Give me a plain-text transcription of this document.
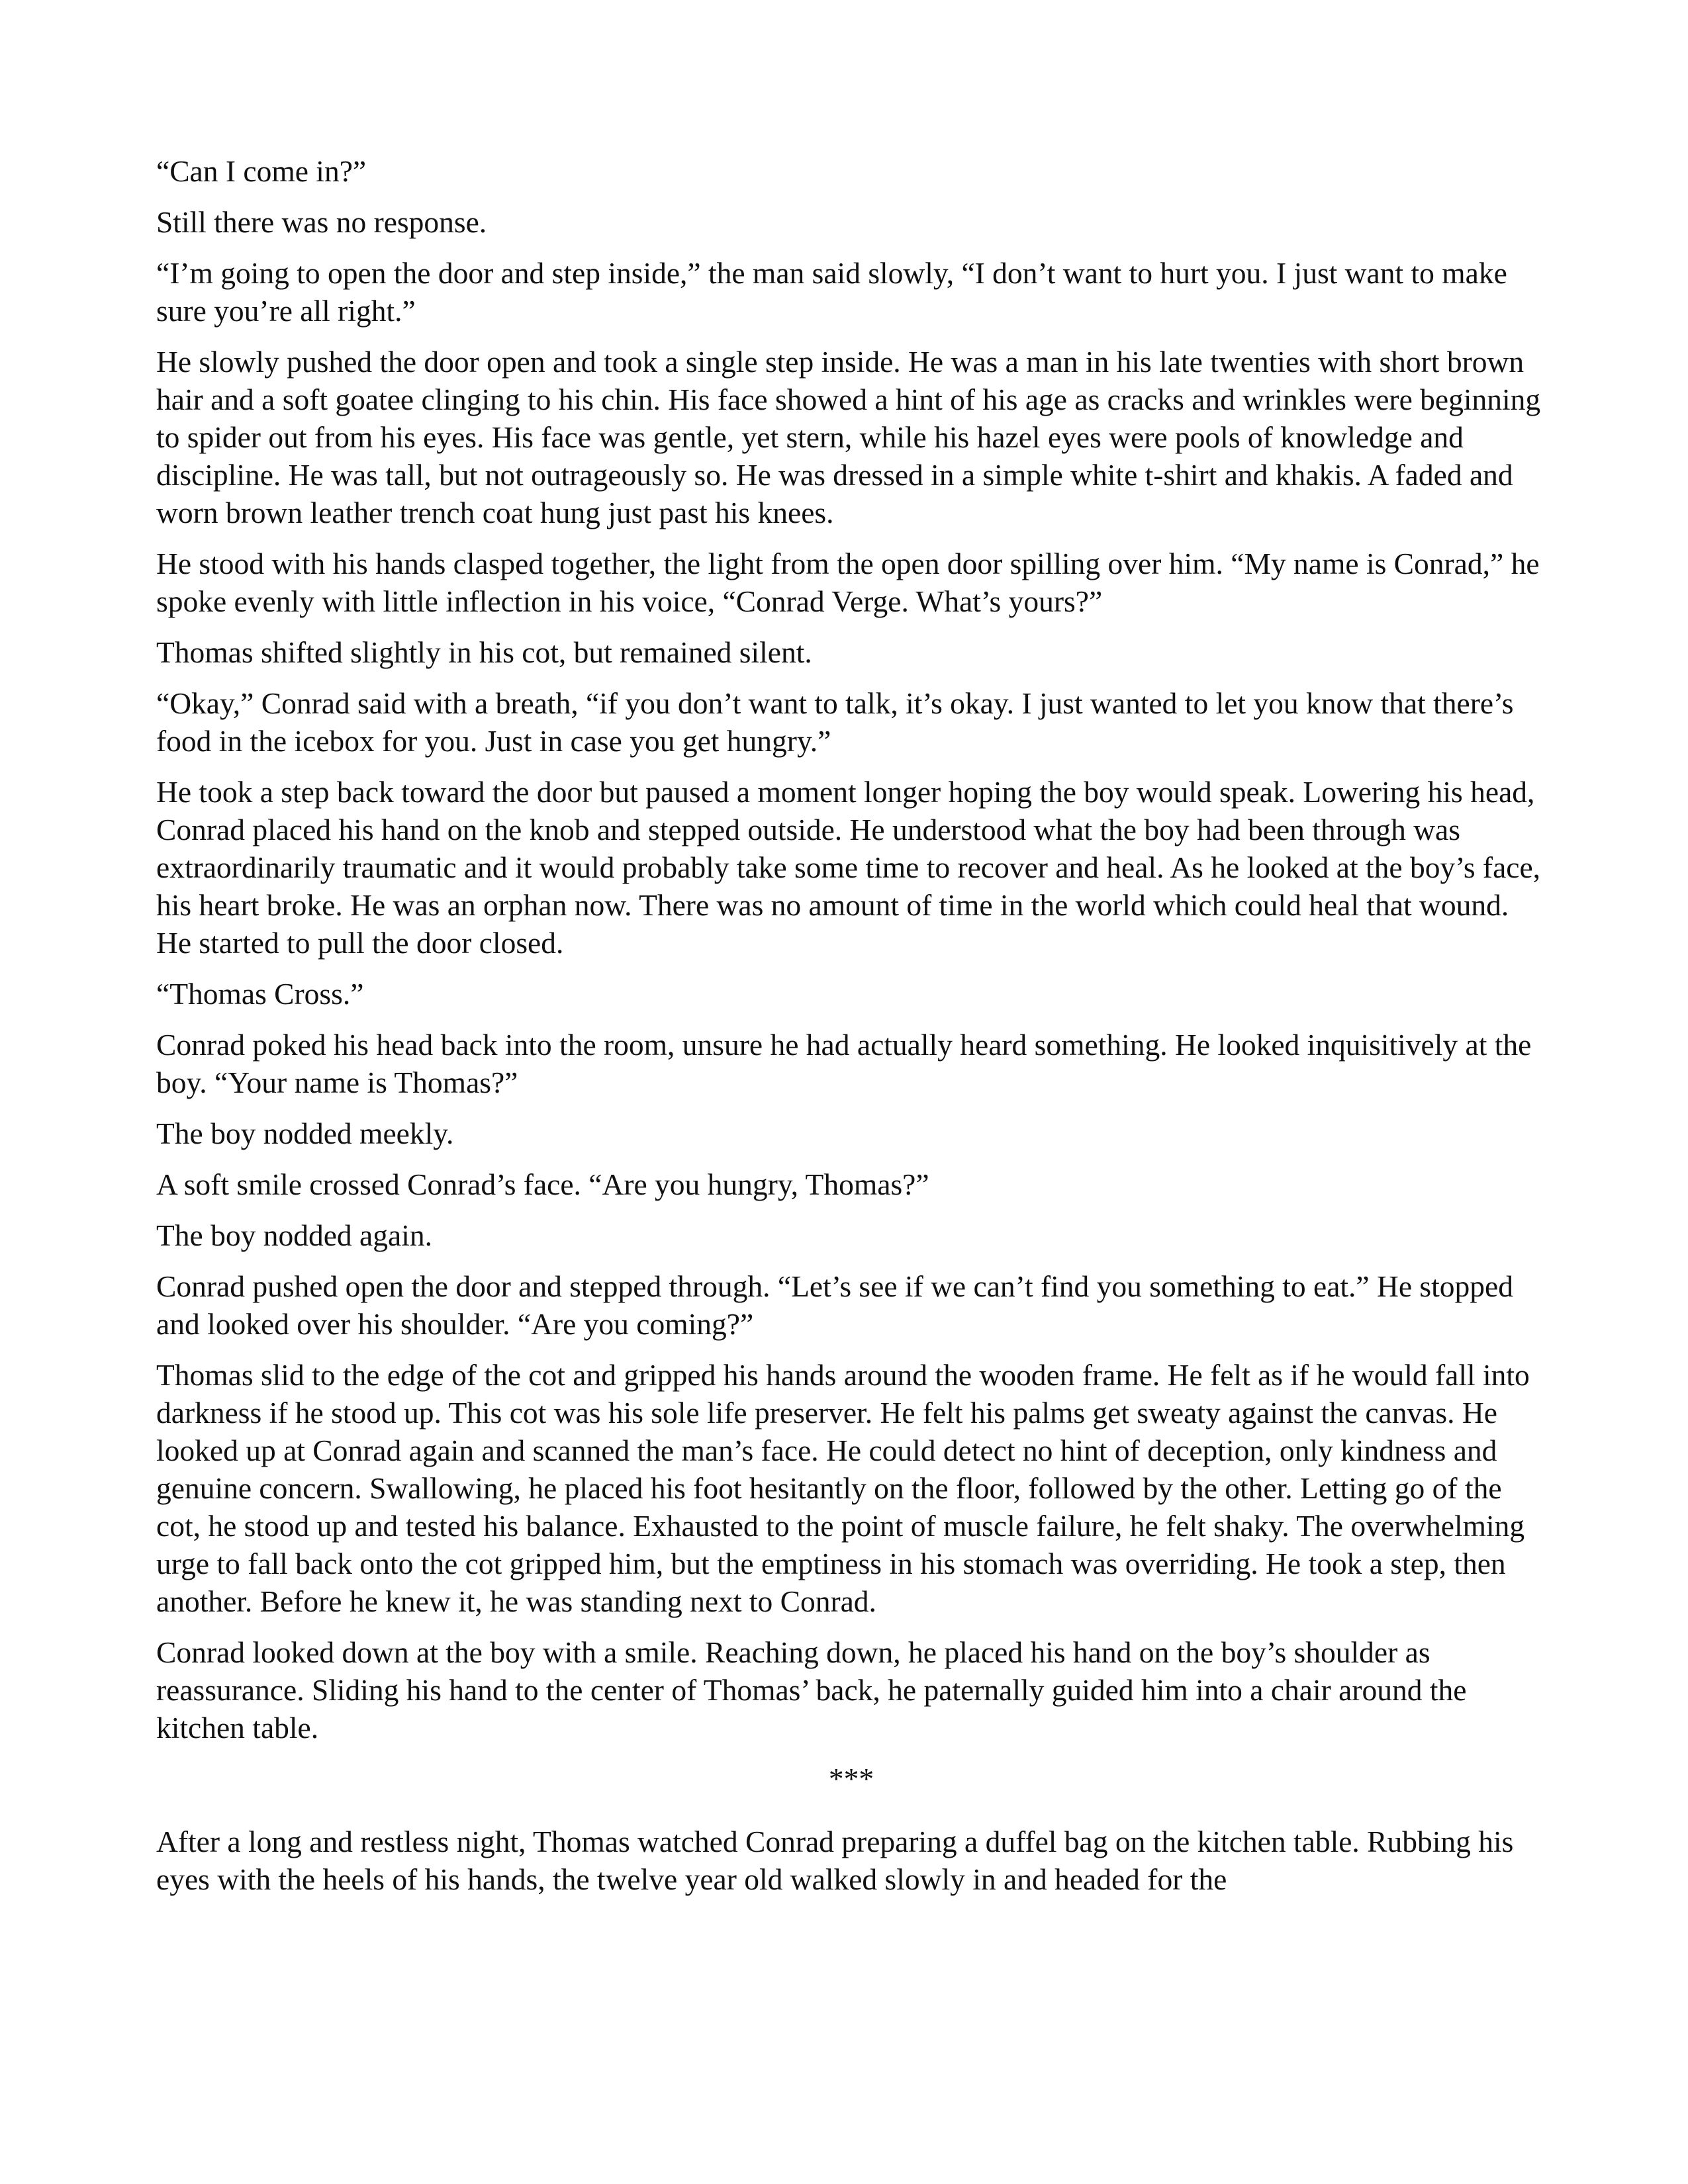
“Can I come in?”

Still there was no response.

“I’m going to open the door and step inside,” the man said slowly, “I don’t want to hurt you. I just want to make sure you’re all right.”

He slowly pushed the door open and took a single step inside. He was a man in his late twenties with short brown hair and a soft goatee clinging to his chin. His face showed a hint of his age as cracks and wrinkles were beginning to spider out from his eyes. His face was gentle, yet stern, while his hazel eyes were pools of knowledge and discipline. He was tall, but not outrageously so. He was dressed in a simple white t-shirt and khakis. A faded and worn brown leather trench coat hung just past his knees.

He stood with his hands clasped together, the light from the open door spilling over him. “My name is Conrad,” he spoke evenly with little inflection in his voice, “Conrad Verge. What’s yours?”

Thomas shifted slightly in his cot, but remained silent.

“Okay,” Conrad said with a breath, “if you don’t want to talk, it’s okay. I just wanted to let you know that there’s food in the icebox for you. Just in case you get hungry.”

He took a step back toward the door but paused a moment longer hoping the boy would speak. Lowering his head, Conrad placed his hand on the knob and stepped outside. He understood what the boy had been through was extraordinarily traumatic and it would probably take some time to recover and heal. As he looked at the boy’s face, his heart broke. He was an orphan now. There was no amount of time in the world which could heal that wound. He started to pull the door closed.

“Thomas Cross.”

Conrad poked his head back into the room, unsure he had actually heard something. He looked inquisitively at the boy. “Your name is Thomas?”

The boy nodded meekly.

A soft smile crossed Conrad’s face. “Are you hungry, Thomas?”

The boy nodded again.

Conrad pushed open the door and stepped through. “Let’s see if we can’t find you something to eat.” He stopped and looked over his shoulder. “Are you coming?”

Thomas slid to the edge of the cot and gripped his hands around the wooden frame. He felt as if he would fall into darkness if he stood up. This cot was his sole life preserver. He felt his palms get sweaty against the canvas. He looked up at Conrad again and scanned the man’s face. He could detect no hint of deception, only kindness and genuine concern. Swallowing, he placed his foot hesitantly on the floor, followed by the other. Letting go of the cot, he stood up and tested his balance. Exhausted to the point of muscle failure, he felt shaky. The overwhelming urge to fall back onto the cot gripped him, but the emptiness in his stomach was overriding. He took a step, then another. Before he knew it, he was standing next to Conrad.

Conrad looked down at the boy with a smile. Reaching down, he placed his hand on the boy’s shoulder as reassurance. Sliding his hand to the center of Thomas’ back, he paternally guided him into a chair around the kitchen table.

***

After a long and restless night, Thomas watched Conrad preparing a duffel bag on the kitchen table. Rubbing his eyes with the heels of his hands, the twelve year old walked slowly in and headed for the
